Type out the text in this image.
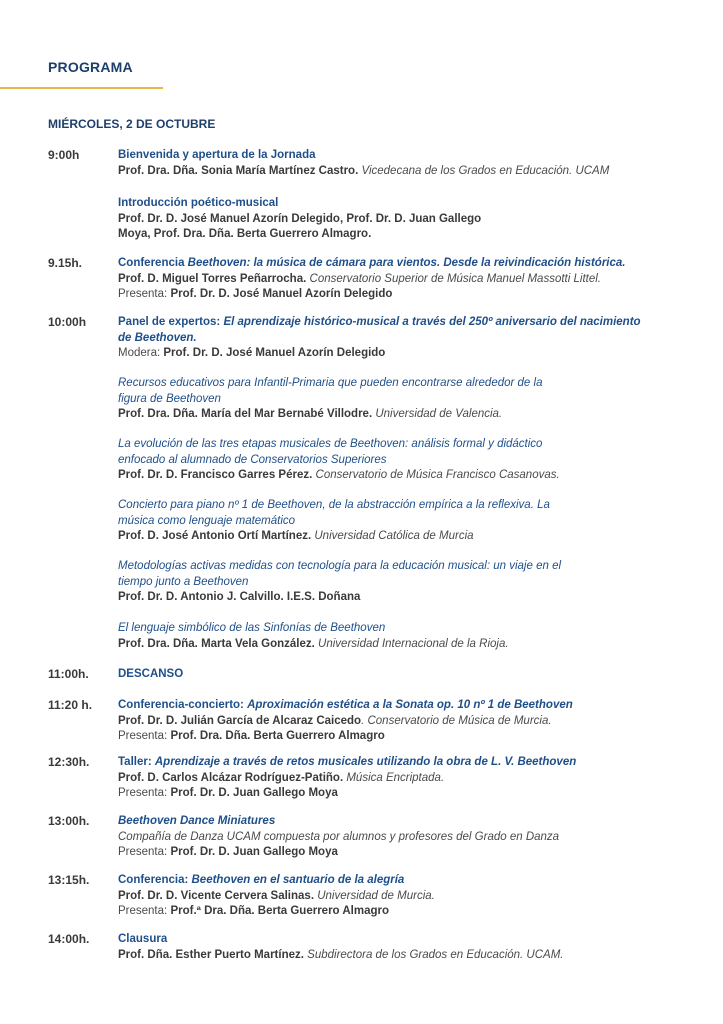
PROGRAMA
MIÉRCOLES, 2 DE OCTUBRE
9:00h	Bienvenida y apertura de la Jornada

Prof. Dra. Dña. Sonia María Martínez Castro. Vicedecana de los Grados en Educación. UCAM

Introducción poético-musical

Prof. Dr. D. José Manuel Azorín Delegido, Prof. Dr. D. Juan Gallego

Moya, Prof. Dra. Dña. Berta Guerrero Almagro.

9.15h.	Conferencia Beethoven: la música de cámara para vientos. Desde la reivindicación histórica.

Prof. D. Miguel Torres Peñarrocha. Conservatorio Superior de Música Manuel Massotti Littel.

Presenta: Prof. Dr. D. José Manuel Azorín Delegido

10:00h	Panel de expertos: El aprendizaje histórico-musical a través del 250º aniversario del nacimiento

de Beethoven.

Modera: Prof. Dr. D. José Manuel Azorín Delegido

Recursos educativos para Infantil-Primaria que pueden encontrarse alrededor de la

figura de Beethoven

Prof. Dra. Dña. María del Mar Bernabé Villodre. Universidad de Valencia.

La evolución de las tres etapas musicales de Beethoven: análisis formal y didáctico

enfocado al alumnado de Conservatorios Superiores

Prof. Dr. D. Francisco Garres Pérez. Conservatorio de Música Francisco Casanovas.

Concierto para piano nº 1 de Beethoven, de la abstracción empírica a la reflexiva. La

música como lenguaje matemático

Prof. D. José Antonio Ortí Martínez. Universidad Católica de Murcia

Metodologías activas medidas con tecnología para la educación musical: un viaje en el

tiempo junto a Beethoven

Prof. Dr. D. Antonio J. Calvillo. I.E.S. Doñana

El lenguaje simbólico de las Sinfonías de Beethoven

Prof. Dra. Dña. Marta Vela González. Universidad Internacional de la Rioja.

11:00h.	DESCANSO

11:20 h. Conferencia-concierto: Aproximación estética a la Sonata op. 10 nº 1 de Beethoven

Prof. Dr. D. Julián García de Alcaraz Caicedo. Conservatorio de Música de Murcia.

Presenta: Prof. Dra. Dña. Berta Guerrero Almagro

12:30h. Taller: Aprendizaje a través de retos musicales utilizando la obra de L. V. Beethoven

Prof. D. Carlos Alcázar Rodríguez-Patiño. Música Encriptada.

Presenta: Prof. Dr. D. Juan Gallego Moya

13:00h. Beethoven Dance Miniatures

Compañía de Danza UCAM compuesta por alumnos y profesores del Grado en Danza

Presenta: Prof. Dr. D. Juan Gallego Moya

13:15h. Conferencia: Beethoven en el santuario de la alegría

Prof. Dr. D. Vicente Cervera Salinas. Universidad de Murcia.

Presenta: Prof.ª Dra. Dña. Berta Guerrero Almagro

14:00h. Clausura

Prof. Dña. Esther Puerto Martínez. Subdirectora de los Grados en Educación. UCAM.
